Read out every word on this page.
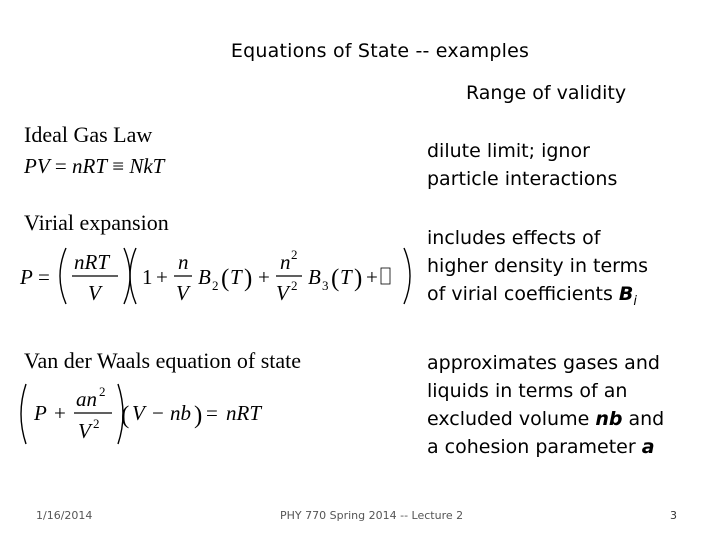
Equations of State -- examples
Range of validity
Ideal Gas Law
PV = nRT ≡ NkT
dilute limit; ignor
particle interactions
Virial expansion
P =
nRT
V
1 +
n
V
B 2 ( T ) +
n 2
V 2 B 3 ( T ) +
includes effects of
higher density in terms
of virial coefficients $B_i$
Van der Waals equation of state
P +
an 2
V 2 ( V − nb ) = nRT
approximates gases and
liquids in terms of an
excluded volume nb and
a cohesion parameter a
1/16/2014	PHY 770 Spring 2014 -- Lecture 2	3
